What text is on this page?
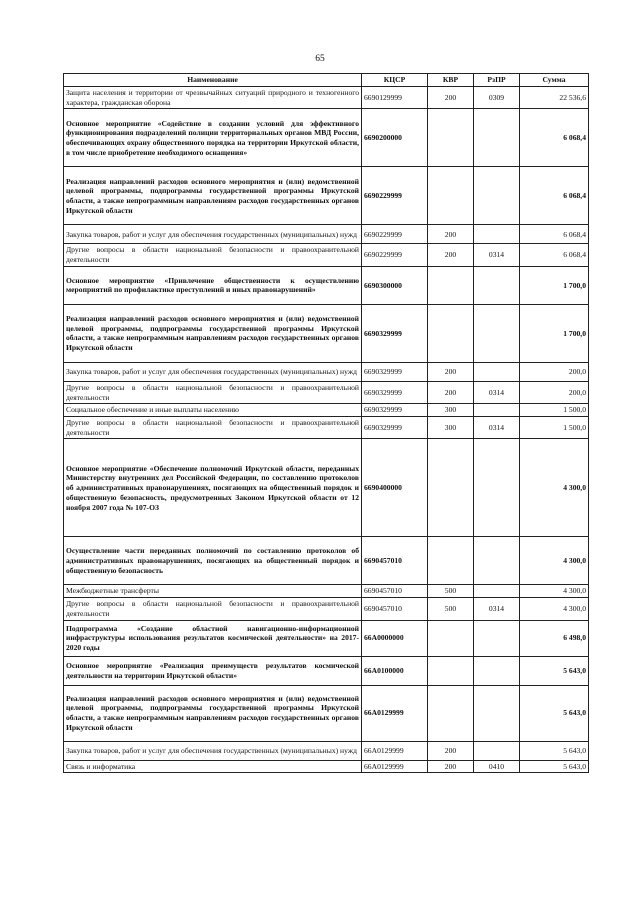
65
Наименование	КЦСР	КВР	РзПР	Сумма
Защита населения и территории от чрезвычайных ситуаций природного и техногенного характера, гражданская оборона	6690129999	200	0309	22 536,6
Основное мероприятие «Содействие в создании условий для эффективного функционирования подразделений полиции территориальных органов МВД России, обеспечивающих охрану общественного порядка на территории Иркутской области, в том числе приобретение необходимого оснащения»	6690200000			6 068,4
Реализация направлений расходов основного мероприятия и (или) ведомственной целевой программы, подпрограммы государственной программы Иркутской области, а также непрограммным направлениям расходов государственных органов Иркутской области	6690229999			6 068,4
Закупка товаров, работ и услуг для обеспечения государственных (муниципальных) нужд	6690229999	200		6 068,4
Другие вопросы в области национальной безопасности и правоохранительной деятельности	6690229999	200	0314	6 068,4
Основное мероприятие «Привлечение общественности к осуществлению мероприятий по профилактике преступлений и иных правонарушений»	6690300000			1 700,0
Реализация направлений расходов основного мероприятия и (или) ведомственной целевой программы, подпрограммы государственной программы Иркутской области, а также непрограммным направлениям расходов государственных органов Иркутской области	6690329999			1 700,0
Закупка товаров, работ и услуг для обеспечения государственных (муниципальных) нужд	6690329999	200		200,0
Другие вопросы в области национальной безопасности и правоохранительной деятельности	6690329999	200	0314	200,0
Социальное обеспечение и иные выплаты населению	6690329999	300		1 500,0
Другие вопросы в области национальной безопасности и правоохранительной деятельности	6690329999	300	0314	1 500,0
Основное мероприятие «Обеспечение полномочий Иркутской области, переданных Министерству внутренних дел Российской Федерации, по составлению протоколов об административных правонарушениях, посягающих на общественный порядок и общественную безопасность, предусмотренных Законом Иркутской области от 12 ноября 2007 года № 107-ОЗ	6690400000			4 300,0
Осуществление части переданных полномочий по составлению протоколов об административных правонарушениях, посягающих на общественный порядок и общественную безопасность	6690457010			4 300,0
Межбюджетные трансферты	6690457010	500		4 300,0
Другие вопросы в области национальной безопасности и правоохранительной деятельности	6690457010	500	0314	4 300,0
Подпрограмма «Создание областной навигационно-информационной инфраструктуры использования результатов космической деятельности» на 2017-2020 годы	66А0000000			6 498,0
Основное мероприятие «Реализация преимуществ результатов космической деятельности на территории Иркутской области»	66А0100000			5 643,0
Реализация направлений расходов основного мероприятия и (или) ведомственной целевой программы, подпрограммы государственной программы Иркутской области, а также непрограммным направлениям расходов государственных органов Иркутской области	66А0129999			5 643,0
Закупка товаров, работ и услуг для обеспечения государственных (муниципальных) нужд	66А0129999	200		5 643,0
Связь и информатика	66А0129999	200	0410	5 643,0
